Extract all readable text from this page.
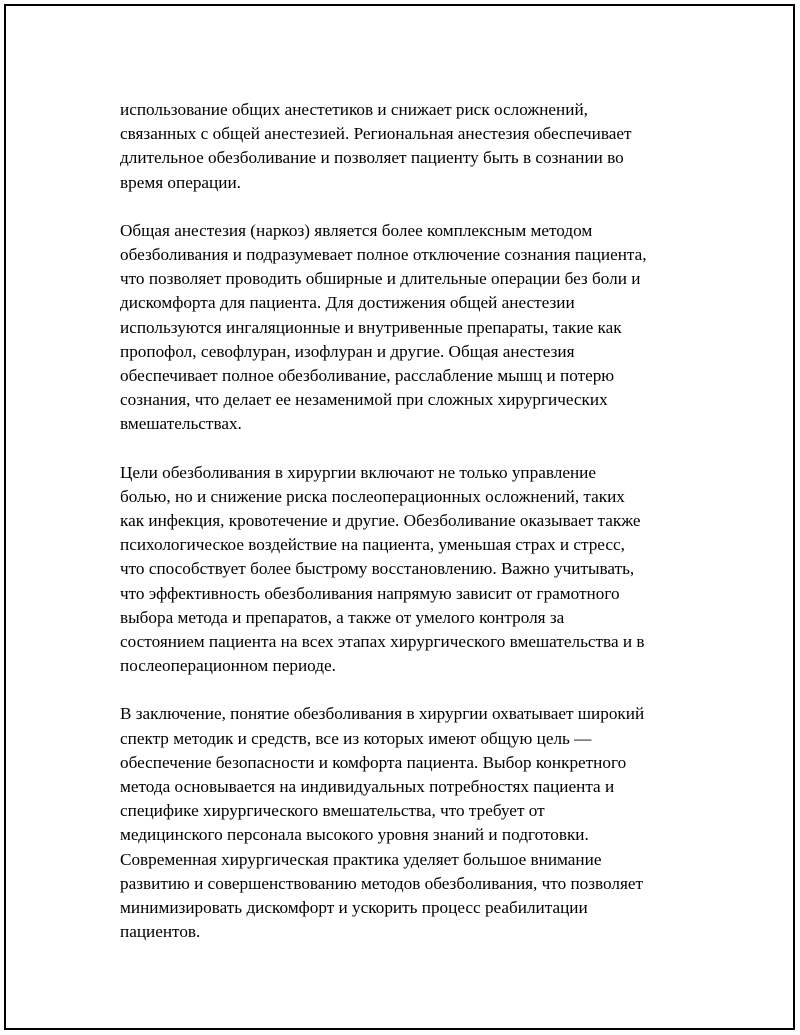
использование общих анестетиков и снижает риск осложнений,
связанных с общей анестезией. Региональная анестезия обеспечивает
длительное обезболивание и позволяет пациенту быть в сознании во
время операции.

Общая анестезия (наркоз) является более комплексным методом
обезболивания и подразумевает полное отключение сознания пациента,
что позволяет проводить обширные и длительные операции без боли и
дискомфорта для пациента. Для достижения общей анестезии
используются ингаляционные и внутривенные препараты, такие как
пропофол, севофлуран, изофлуран и другие. Общая анестезия
обеспечивает полное обезболивание, расслабление мышц и потерю
сознания, что делает ее незаменимой при сложных хирургических
вмешательствах.

Цели обезболивания в хирургии включают не только управление
болью, но и снижение риска послеоперационных осложнений, таких
как инфекция, кровотечение и другие. Обезболивание оказывает также
психологическое воздействие на пациента, уменьшая страх и стресс,
что способствует более быстрому восстановлению. Важно учитывать,
что эффективность обезболивания напрямую зависит от грамотного
выбора метода и препаратов, а также от умелого контроля за
состоянием пациента на всех этапах хирургического вмешательства и в
послеоперационном периоде.

В заключение, понятие обезболивания в хирургии охватывает широкий
спектр методик и средств, все из которых имеют общую цель —
обеспечение безопасности и комфорта пациента. Выбор конкретного
метода основывается на индивидуальных потребностях пациента и
специфике хирургического вмешательства, что требует от
медицинского персонала высокого уровня знаний и подготовки.
Современная хирургическая практика уделяет большое внимание
развитию и совершенствованию методов обезболивания, что позволяет
минимизировать дискомфорт и ускорить процесс реабилитации
пациентов.
